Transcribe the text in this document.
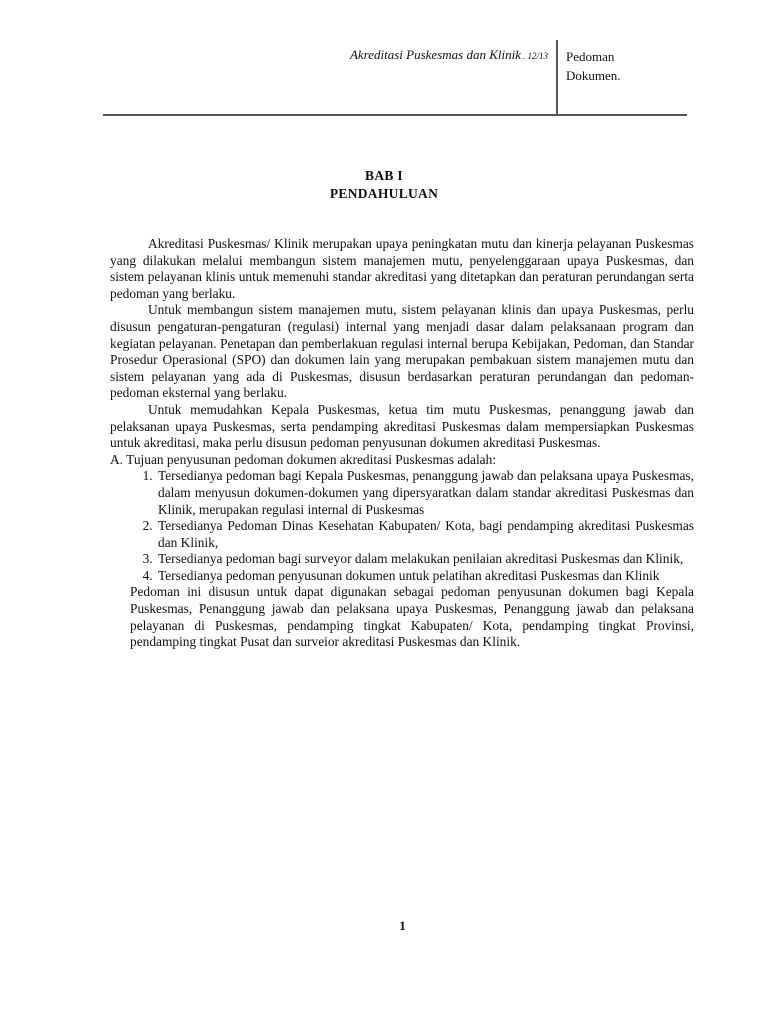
Akreditasi Puskesmas dan Klinik . 12/13 Pedoman
Dokumen.
BAB I
PENDAHULUAN

Akreditasi Puskesmas/ Klinik merupakan upaya peningkatan mutu dan kinerja pelayanan Puskesmas yang dilakukan melalui membangun sistem manajemen mutu, penyelenggaraan upaya Puskesmas, dan sistem pelayanan klinis untuk memenuhi standar akreditasi yang ditetapkan dan peraturan perundangan serta pedoman yang berlaku.

Untuk membangun sistem manajemen mutu, sistem pelayanan klinis dan upaya Puskesmas, perlu disusun pengaturan-pengaturan (regulasi) internal yang menjadi dasar dalam pelaksanaan program dan kegiatan pelayanan. Penetapan dan pemberlakuan regulasi internal berupa Kebijakan, Pedoman, dan Standar Prosedur Operasional (SPO) dan dokumen lain yang merupakan pembakuan sistem manajemen mutu dan sistem pelayanan yang ada di Puskesmas, disusun berdasarkan peraturan perundangan dan pedoman-pedoman eksternal yang berlaku.

Untuk memudahkan Kepala Puskesmas, ketua tim mutu Puskesmas, penanggung jawab dan pelaksanan upaya Puskesmas, serta pendamping akreditasi Puskesmas dalam mempersiapkan Puskesmas untuk akreditasi, maka perlu disusun pedoman penyusunan dokumen akreditasi Puskesmas.

A. Tujuan penyusunan pedoman dokumen akreditasi Puskesmas adalah:

1. Tersedianya pedoman bagi Kepala Puskesmas, penanggung jawab dan pelaksana upaya Puskesmas, dalam menyusun dokumen-dokumen yang dipersyaratkan dalam standar akreditasi Puskesmas dan Klinik, merupakan regulasi internal di Puskesmas
2. Tersedianya Pedoman Dinas Kesehatan Kabupaten/ Kota, bagi pendamping akreditasi Puskesmas dan Klinik,
3. Tersedianya pedoman bagi surveyor dalam melakukan penilaian akreditasi Puskesmas dan Klinik,
4. Tersedianya pedoman penyusunan dokumen untuk pelatihan akreditasi Puskesmas dan Klinik

Pedoman ini disusun untuk dapat digunakan sebagai pedoman penyusunan dokumen bagi Kepala Puskesmas, Penanggung jawab dan pelaksana upaya Puskesmas, Penanggung jawab dan pelaksana pelayanan di Puskesmas, pendamping tingkat Kabupaten/ Kota, pendamping tingkat Provinsi, pendamping tingkat Pusat dan surveior akreditasi Puskesmas dan Klinik.

1
